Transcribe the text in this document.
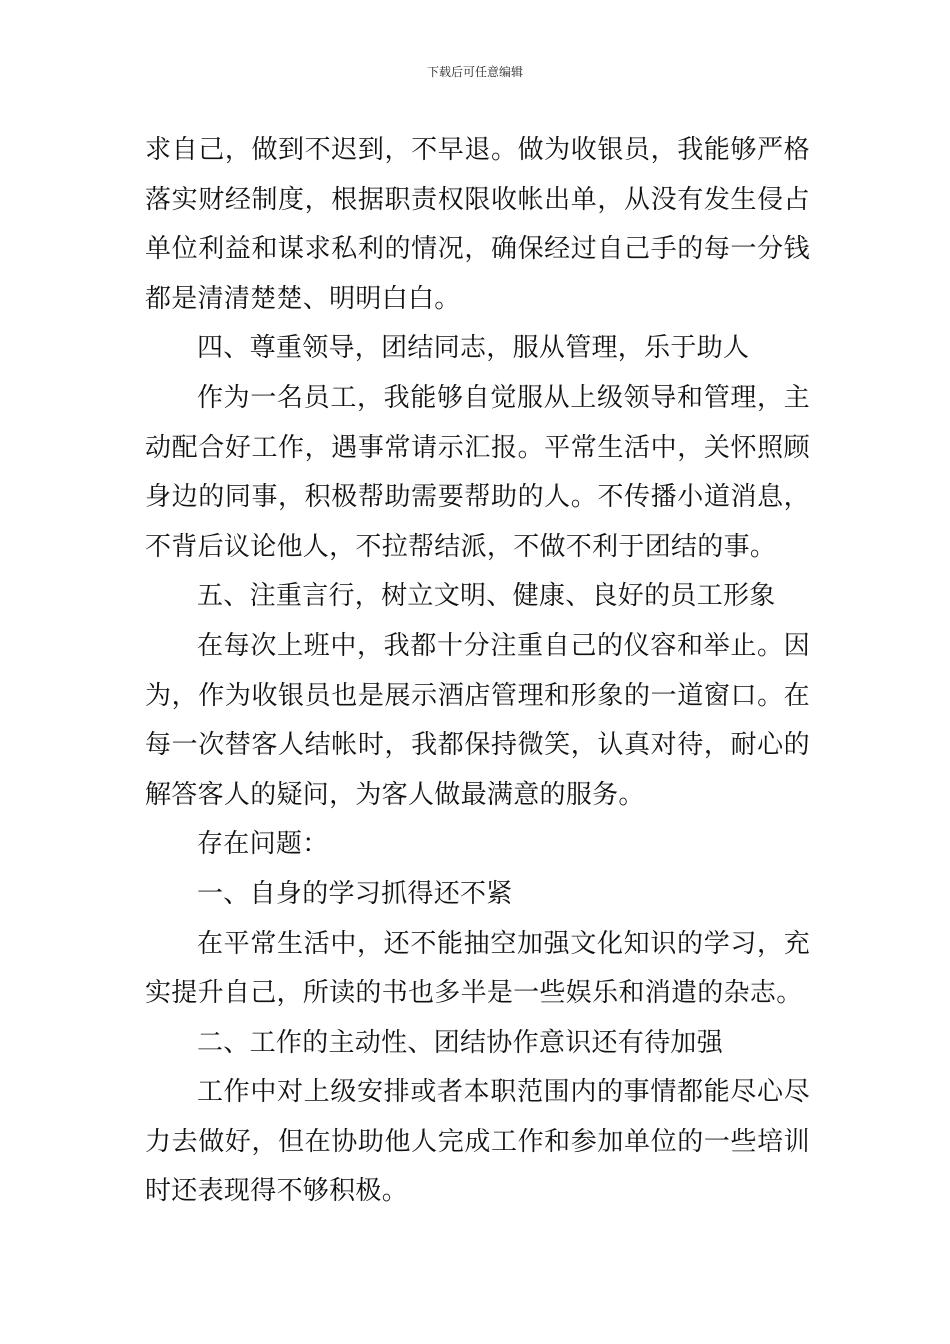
下载后可任意编辑

求自己，做到不迟到，不早退。做为收银员，我能够严格落实财经制度，根据职责权限收帐出单，从没有发生侵占单位利益和谋求私利的情况，确保经过自己手的每一分钱都是清清楚楚、明明白白。

四、尊重领导，团结同志，服从管理，乐于助人

作为一名员工，我能够自觉服从上级领导和管理，主动配合好工作，遇事常请示汇报。平常生活中，关怀照顾身边的同事，积极帮助需要帮助的人。不传播小道消息，不背后议论他人，不拉帮结派，不做不利于团结的事。

五、注重言行，树立文明、健康、良好的员工形象

在每次上班中，我都十分注重自己的仪容和举止。因为，作为收银员也是展示酒店管理和形象的一道窗口。在每一次替客人结帐时，我都保持微笑，认真对待，耐心的解答客人的疑问，为客人做最满意的服务。

存在问题：

一、自身的学习抓得还不紧

在平常生活中，还不能抽空加强文化知识的学习，充实提升自己，所读的书也多半是一些娱乐和消遣的杂志。

二、工作的主动性、团结协作意识还有待加强

工作中对上级安排或者本职范围内的事情都能尽心尽力去做好，但在协助他人完成工作和参加单位的一些培训时还表现得不够积极。
